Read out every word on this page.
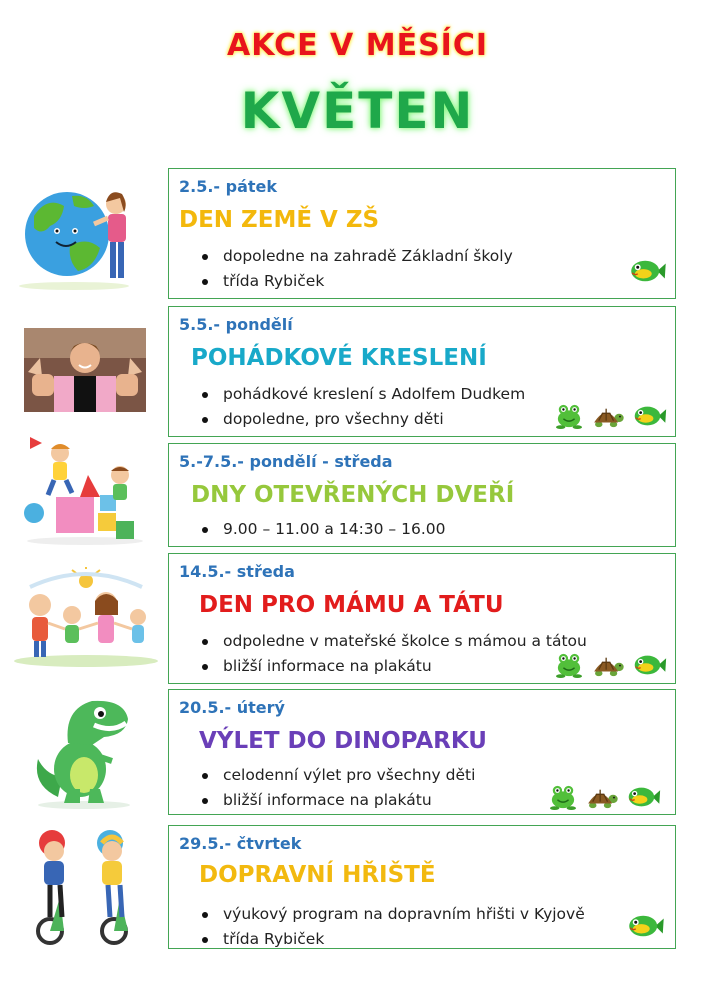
AKCE V MĚSÍCI
KVĚTEN
2.5.- pátek
DEN ZEMĚ V ZŠ
dopoledne na zahradě Základní školy
třída Rybiček
5.5.- pondělí
POHÁDKOVÉ KRESLENÍ
pohádkové kreslení s Adolfem Dudkem
dopoledne, pro všechny děti
5.-7.5.- pondělí - středa
DNY OTEVŘENÝCH DVEŘÍ
9.00 – 11.00 a 14:30 – 16.00
14.5.- středa
DEN PRO MÁMU A TÁTU
odpoledne v mateřské školce s mámou a tátou
bližší informace na plakátu
20.5.- úterý
VÝLET DO DINOPARKU
celodenní výlet pro všechny děti
bližší informace na plakátu
29.5.- čtvrtek
DOPRAVNÍ HŘIŠTĚ
výukový program na dopravním hřišti v Kyjově
třída Rybiček
